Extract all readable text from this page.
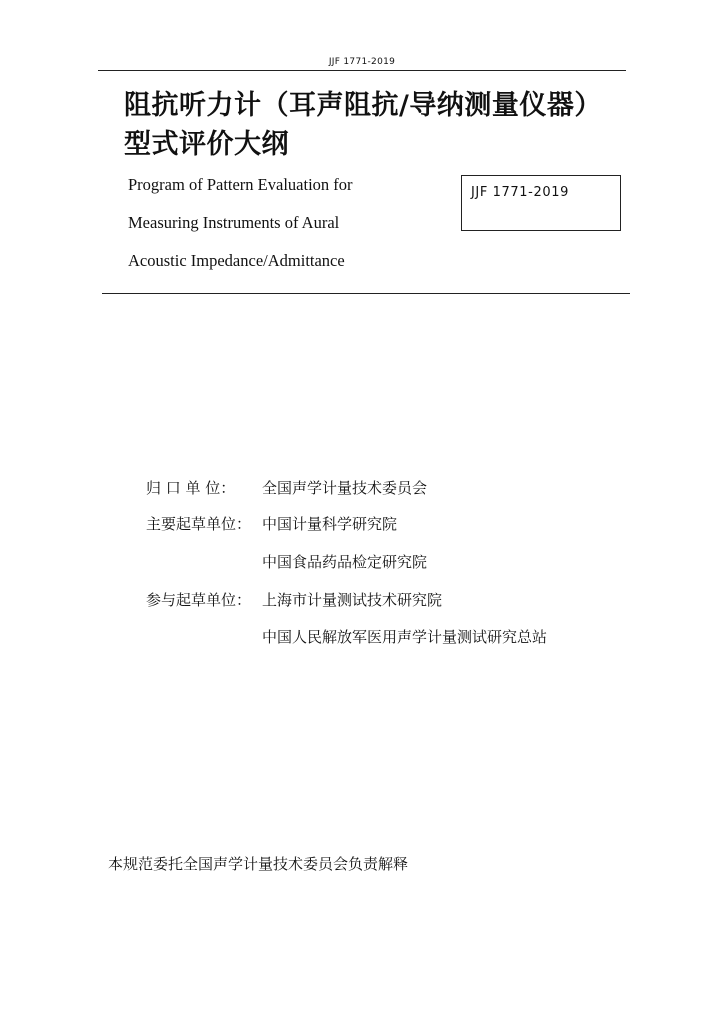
JJF 1771-2019
阻抗听力计（耳声阻抗/导纳测量仪器）
型式评价大纲
Program of Pattern Evaluation for
Measuring Instruments of Aural
Acoustic Impedance/Admittance
JJF 1771-2019
归 口 单 位： 全国声学计量技术委员会
主要起草单位： 中国计量科学研究院
中国食品药品检定研究院
参与起草单位： 上海市计量测试技术研究院
中国人民解放军医用声学计量测试研究总站
本规范委托全国声学计量技术委员会负责解释
